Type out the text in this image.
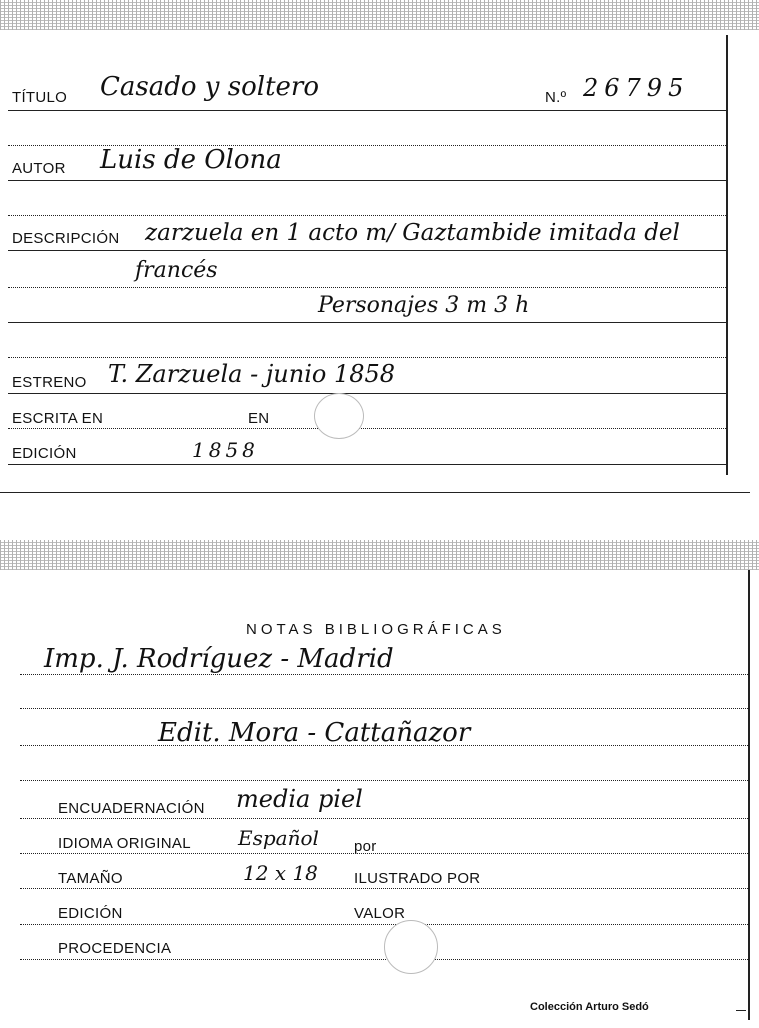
TÍTULO Casado y soltero	N.º 26795
AUTOR Luis de Olona
DESCRIPCIÓN zarzuela en 1 acto m/ Gaztambide imitada del
francés
Personajes 3 m 3 h
ESTRENO T. Zarzuela - junio 1858
ESCRITA EN	EN
EDICIÓN	1858
NOTAS BIBLIOGRÁFICAS
Imp. J. Rodríguez - Madrid
Edit. Mora - Cattañazor
ENCUADERNACIÓN media piel
IDIOMA ORIGINAL Español por
TAMAÑO	12 x 18 ILUSTRADO POR
EDICIÓN	VALOR
PROCEDENCIA
Colección Arturo Sedó
